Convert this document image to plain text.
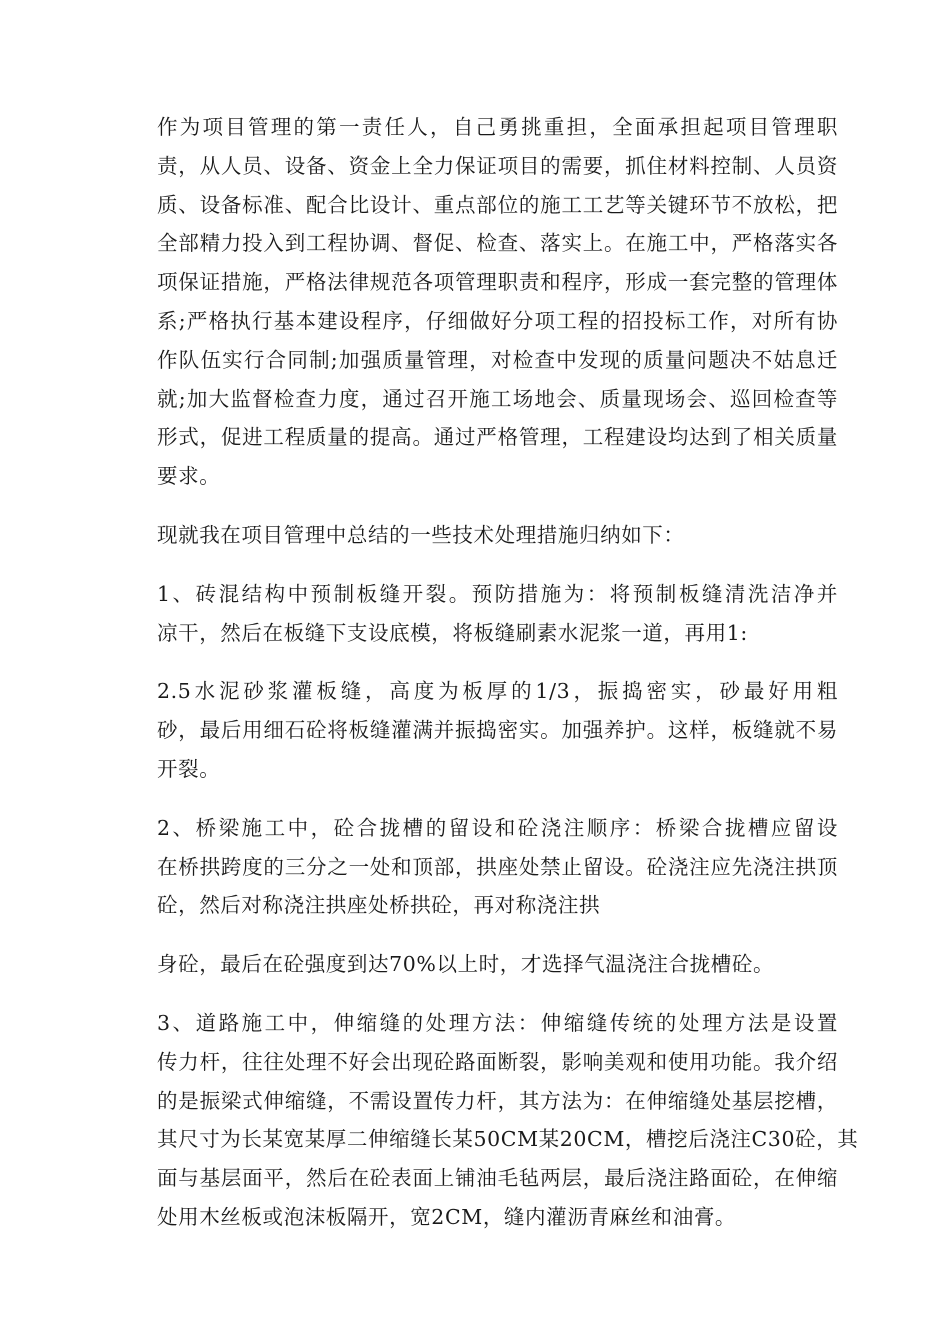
作为项目管理的第一责任人，自己勇挑重担，全面承担起项目管理职
责，从人员、设备、资金上全力保证项目的需要，抓住材料控制、人员资
质、设备标准、配合比设计、重点部位的施工工艺等关键环节不放松，把
全部精力投入到工程协调、督促、检查、落实上。在施工中，严格落实各
项保证措施，严格法律规范各项管理职责和程序，形成一套完整的管理体
系;严格执行基本建设程序，仔细做好分项工程的招投标工作，对所有协
作队伍实行合同制;加强质量管理，对检查中发现的质量问题决不姑息迁
就;加大监督检查力度，通过召开施工场地会、质量现场会、巡回检查等
形式，促进工程质量的提高。通过严格管理，工程建设均达到了相关质量
要求。

现就我在项目管理中总结的一些技术处理措施归纳如下：

1、砖混结构中预制板缝开裂。预防措施为：将预制板缝清洗洁净并
凉干，然后在板缝下支设底模，将板缝刷素水泥浆一道，再用1:

2.5水泥砂浆灌板缝，高度为板厚的1/3，振捣密实，砂最好用粗
砂，最后用细石砼将板缝灌满并振捣密实。加强养护。这样，板缝就不易
开裂。

2、桥梁施工中，砼合拢槽的留设和砼浇注顺序：桥梁合拢槽应留设
在桥拱跨度的三分之一处和顶部，拱座处禁止留设。砼浇注应先浇注拱顶
砼，然后对称浇注拱座处桥拱砼，再对称浇注拱

身砼，最后在砼强度到达70%以上时，才选择气温浇注合拢槽砼。

3、道路施工中，伸缩缝的处理方法：伸缩缝传统的处理方法是设置
传力杆，往往处理不好会出现砼路面断裂，影响美观和使用功能。我介绍
的是振梁式伸缩缝，不需设置传力杆，其方法为：在伸缩缝处基层挖槽，
其尺寸为长某宽某厚二伸缩缝长某50CM某20CM，槽挖后浇注C30砼，其
面与基层面平，然后在砼表面上铺油毛毡两层，最后浇注路面砼，在伸缩
处用木丝板或泡沫板隔开，宽2CM，缝内灌沥青麻丝和油膏。
